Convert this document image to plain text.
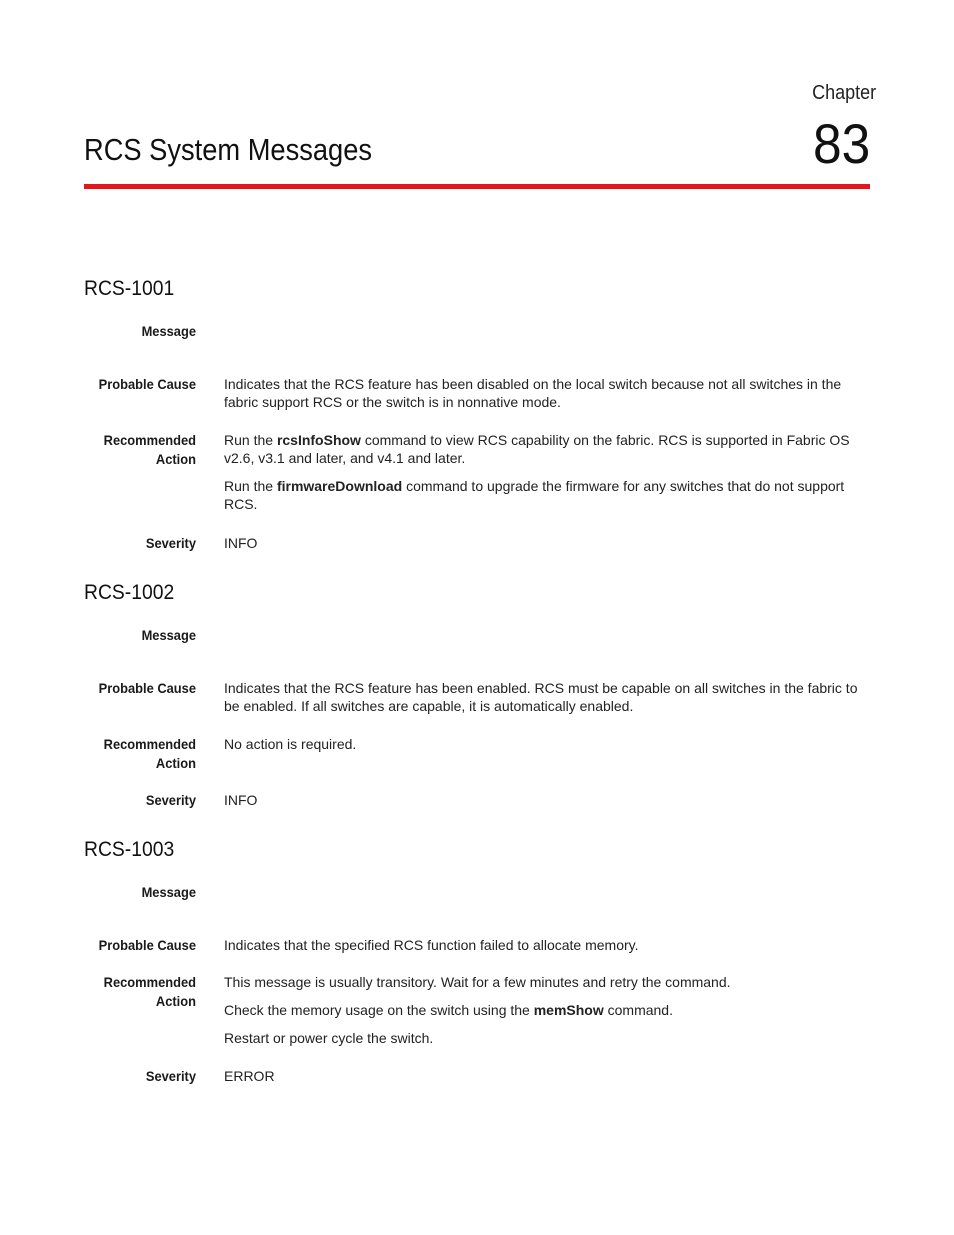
Chapter
83
RCS System Messages
RCS-1001
Message
Probable Cause Indicates that the RCS feature has been disabled on the local switch because not all switches in the fabric support RCS or the switch is in nonnative mode.

Recommended
Action

Run the rcsInfoShow command to view RCS capability on the fabric. RCS is supported in Fabric OS v2.6, v3.1 and later, and v4.1 and later.

Run the firmwareDownload command to upgrade the firmware for any switches that do not support RCS.

Severity INFO
RCS-1002
Message
Probable Cause Indicates that the RCS feature has been enabled. RCS must be capable on all switches in the fabric to be enabled. If all switches are capable, it is automatically enabled.

Recommended
Action

No action is required.

Severity INFO
RCS-1003
Message
Probable Cause Indicates that the specified RCS function failed to allocate memory.

Recommended
Action

This message is usually transitory. Wait for a few minutes and retry the command.

Check the memory usage on the switch using the memShow command.

Restart or power cycle the switch.

Severity ERROR
